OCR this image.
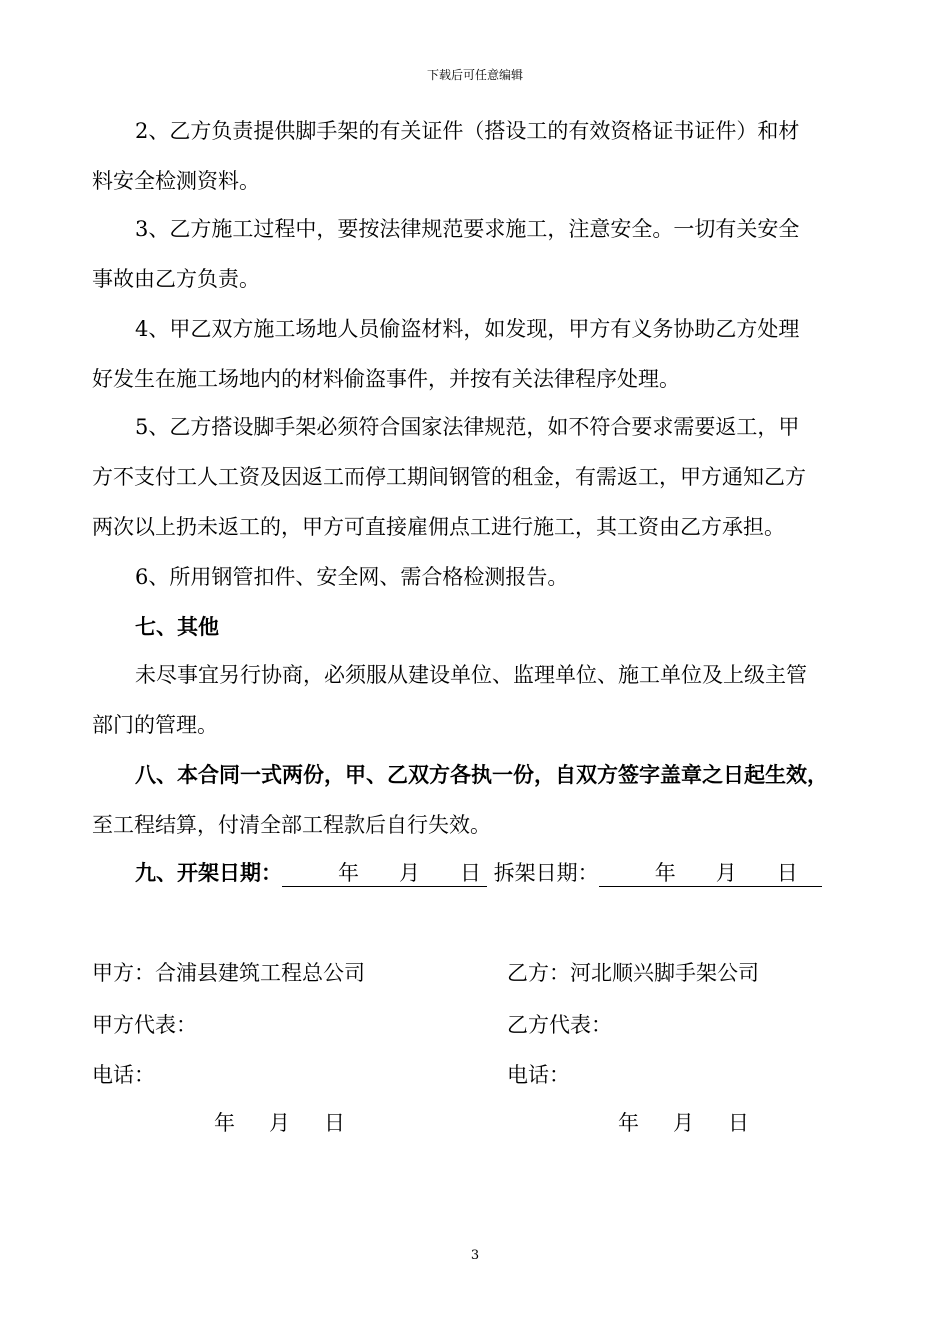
下载后可任意编辑
2、乙方负责提供脚手架的有关证件（搭设工的有效资格证书证件）和材
料安全检测资料。
3、乙方施工过程中，要按法律规范要求施工，注意安全。一切有关安全
事故由乙方负责。
4、甲乙双方施工场地人员偷盗材料，如发现，甲方有义务协助乙方处理
好发生在施工场地内的材料偷盗事件，并按有关法律程序处理。
5、乙方搭设脚手架必须符合国家法律规范，如不符合要求需要返工，甲
方不支付工人工资及因返工而停工期间钢管的租金，有需返工，甲方通知乙方
两次以上扔未返工的，甲方可直接雇佣点工进行施工，其工资由乙方承担。
6、所用钢管扣件、安全网、需合格检测报告。
七、其他
未尽事宜另行协商，必须服从建设单位、监理单位、施工单位及上级主管
部门的管理。
八、本合同一式两份，甲、乙双方各执一份，自双方签字盖章之日起生效，
至工程结算，付清全部工程款后自行失效。
九、开架日期：	年 月 日 拆架日期：	年 月 日
甲方：合浦县建筑工程总公司	乙方：河北顺兴脚手架公司
甲方代表：	乙方代表：
电话：	电话：
年 月 日	年 月 日
3
